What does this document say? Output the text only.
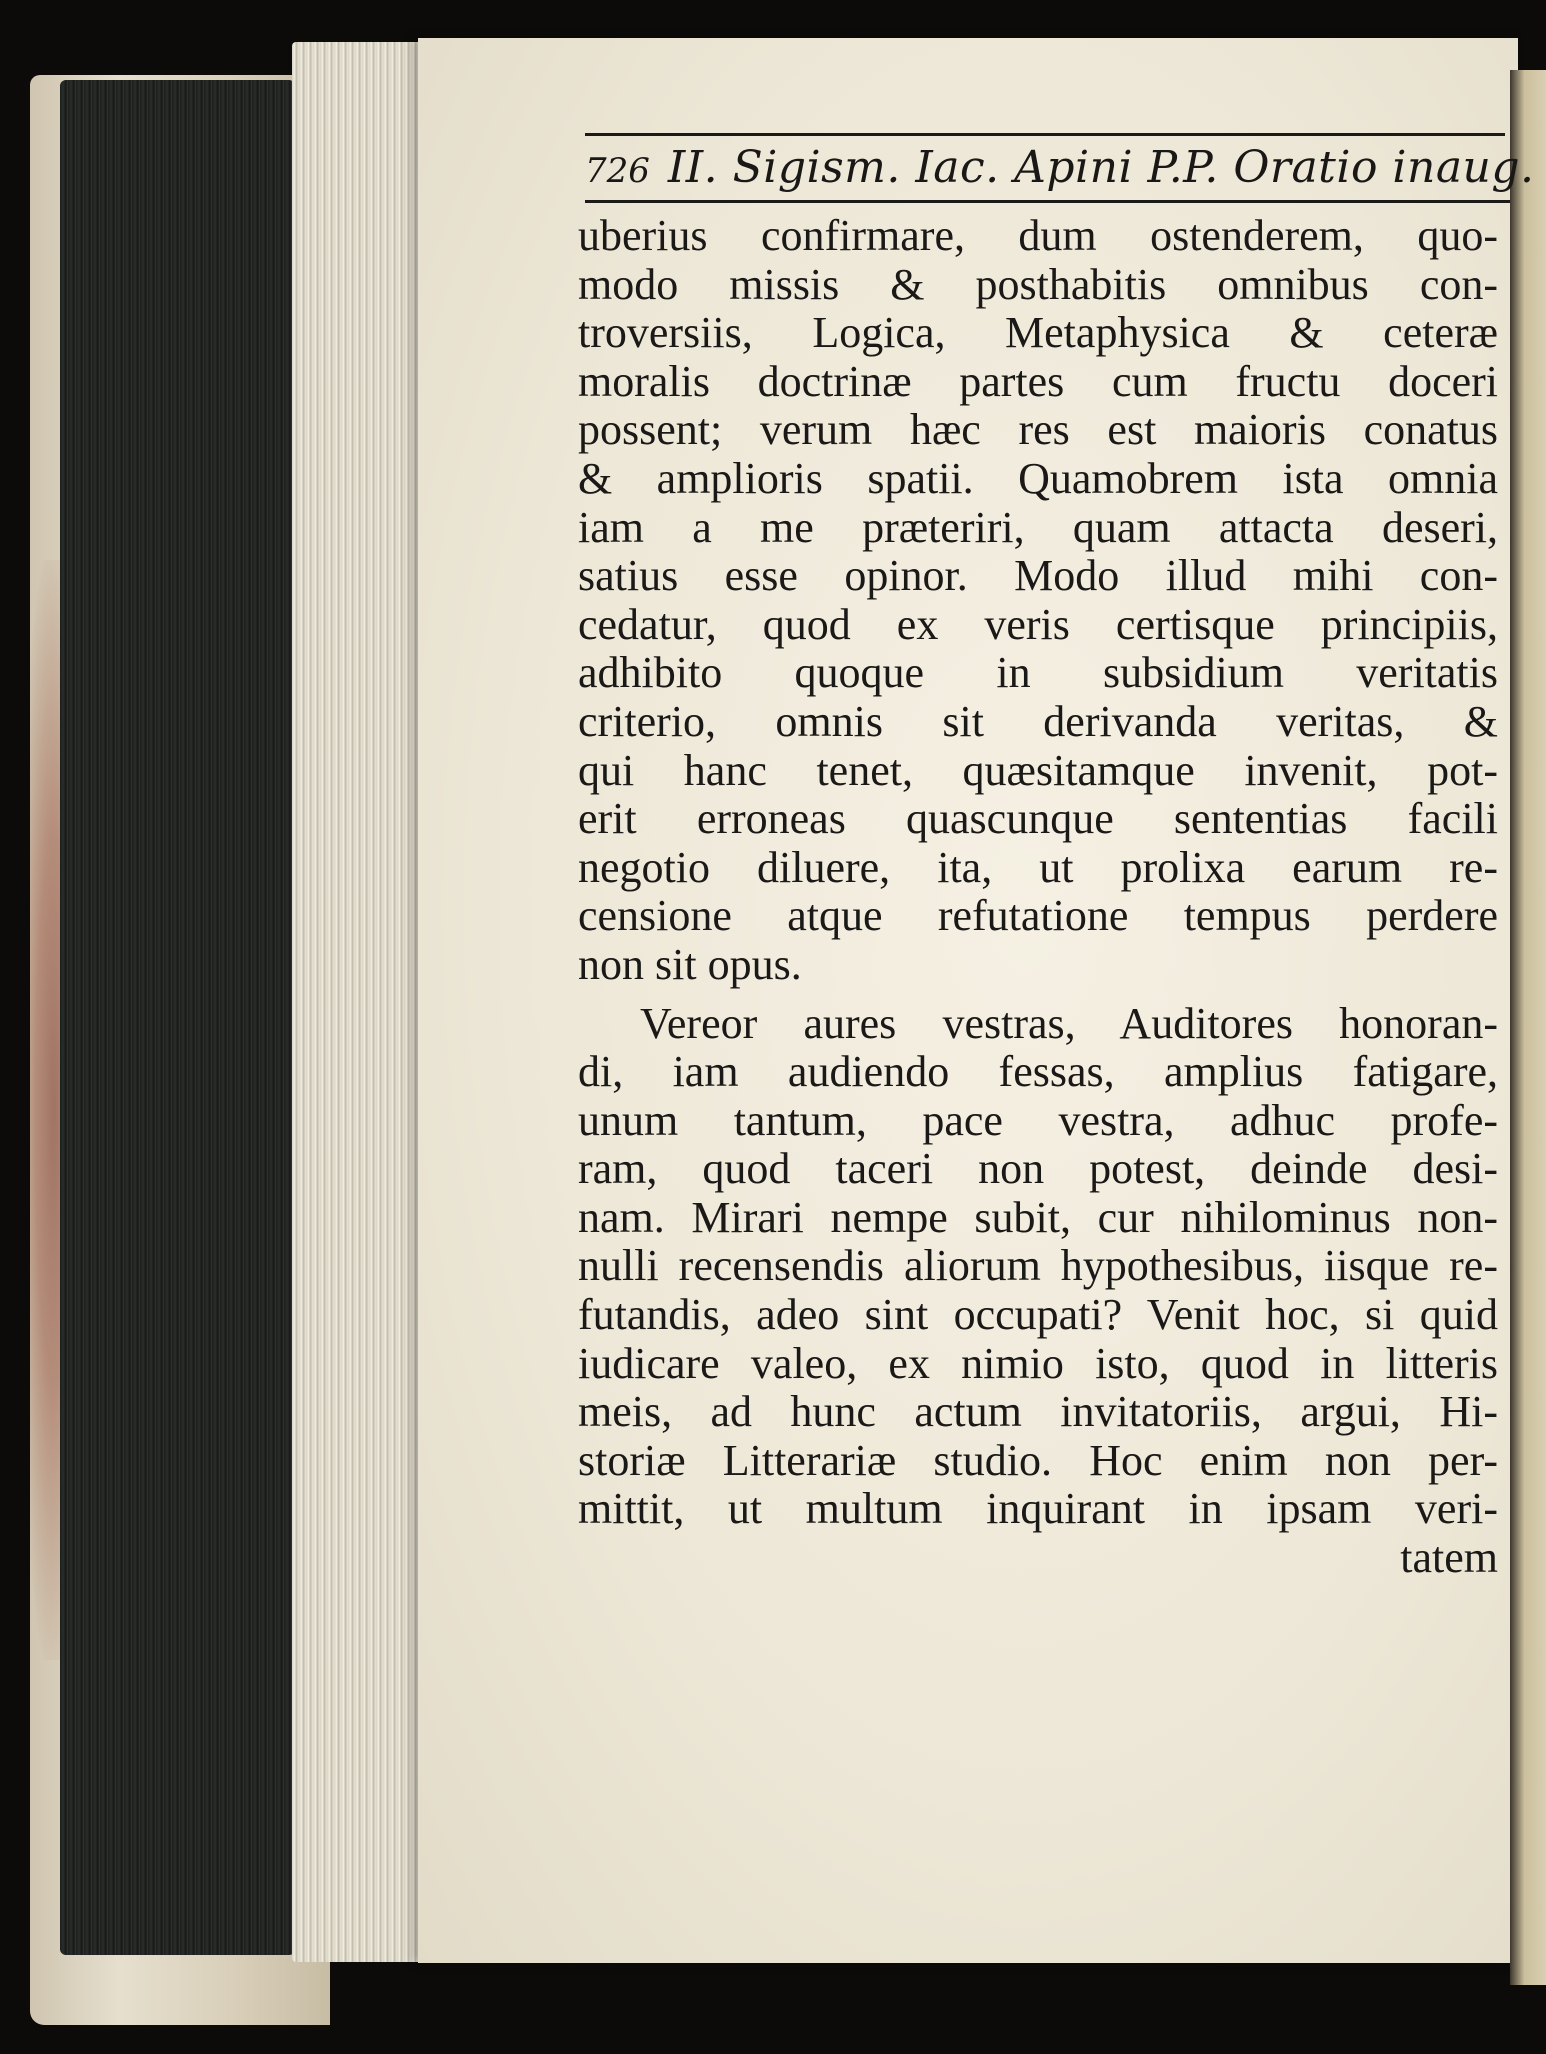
726 II. Sigism. Iac. Apini P.P. Oratio inaug.
uberius confirmare, dum ostenderem, quo-
modo missis & posthabitis omnibus con-
troversiis, Logica, Metaphysica & ceteræ
moralis doctrinæ partes cum fructu doceri
possent; verum hæc res est maioris conatus
& amplioris spatii. Quamobrem ista omnia
iam a me præteriri, quam attacta deseri,
satius esse opinor. Modo illud mihi con-
cedatur, quod ex veris certisque principiis,
adhibito quoque in subsidium veritatis
criterio, omnis sit derivanda veritas, &
qui hanc tenet, quæsitamque invenit, pot-
erit erroneas quascunque sententias facili
negotio diluere, ita, ut prolixa earum re-
censione atque refutatione tempus perdere
non sit opus.
Vereor aures vestras, Auditores honoran-
di, iam audiendo fessas, amplius fatigare,
unum tantum, pace vestra, adhuc profe-
ram, quod taceri non potest, deinde desi-
nam. Mirari nempe subit, cur nihilominus non-
nulli recensendis aliorum hypothesibus, iisque re-
futandis, adeo sint occupati? Venit hoc, si quid
iudicare valeo, ex nimio isto, quod in litteris
meis, ad hunc actum invitatoriis, argui, Hi-
storiæ Litterariæ studio. Hoc enim non per-
mittit, ut multum inquirant in ipsam veri-
tatem
